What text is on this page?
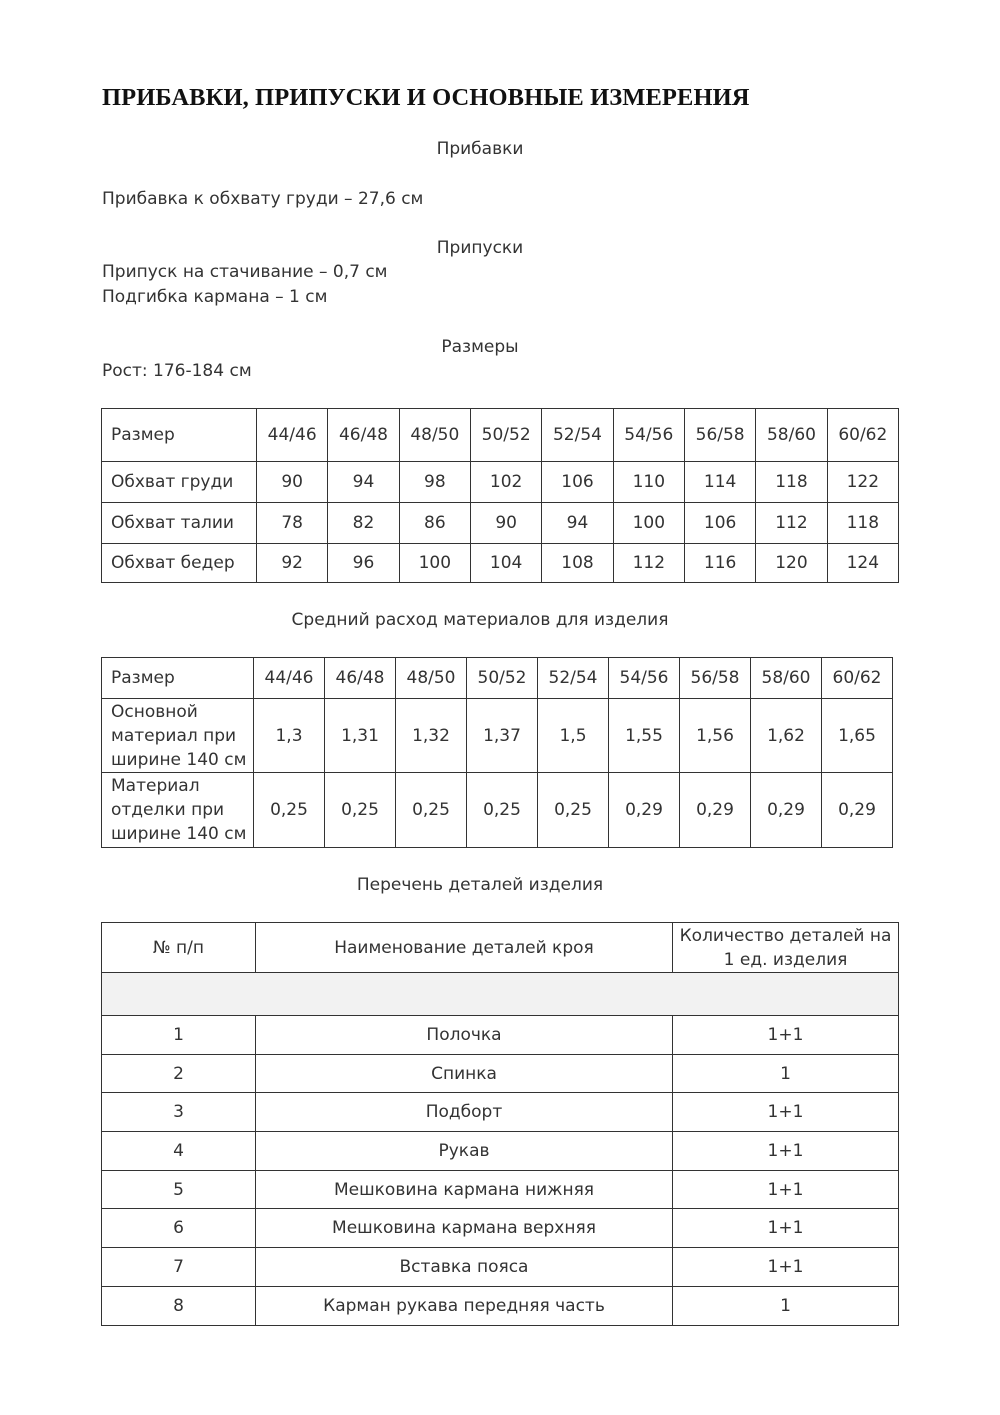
ПРИБАВКИ, ПРИПУСКИ И ОСНОВНЫЕ ИЗМЕРЕНИЯ
Прибавки
Прибавка к обхвату груди – 27,6 см
Припуски
Припуск на стачивание – 0,7 см
Подгибка кармана – 1 см
Размеры
Рост: 176-184 см
Размер	44/46	46/48	48/50	50/52	52/54	54/56	56/58	58/60	60/62
Обхват груди	90	94	98	102	106	110	114	118	122
Обхват талии	78	82	86	90	94	100	106	112	118
Обхват бедер	92	96	100	104	108	112	116	120	124
Средний расход материалов для изделия
Размер	44/46	46/48	48/50	50/52	52/54	54/56	56/58	58/60	60/62

Основной
материал при
ширине 140 см	1,3	1,31	1,32	1,37	1,5	1,55	1,56	1,62	1,65

Материал
отделки при
ширине 140 см	0,25	0,25	0,25	0,25	0,25	0,29	0,29	0,29	0,29
Перечень деталей изделия
№ п/п	Наименование деталей кроя	Количество деталей на
1 ед. изделия

1	Полочка	1+1
2	Спинка	1
3	Подборт	1+1
4	Рукав	1+1
5	Мешковина кармана нижняя	1+1
6	Мешковина кармана верхняя	1+1
7	Вставка пояса	1+1
8	Карман рукава передняя часть	1
